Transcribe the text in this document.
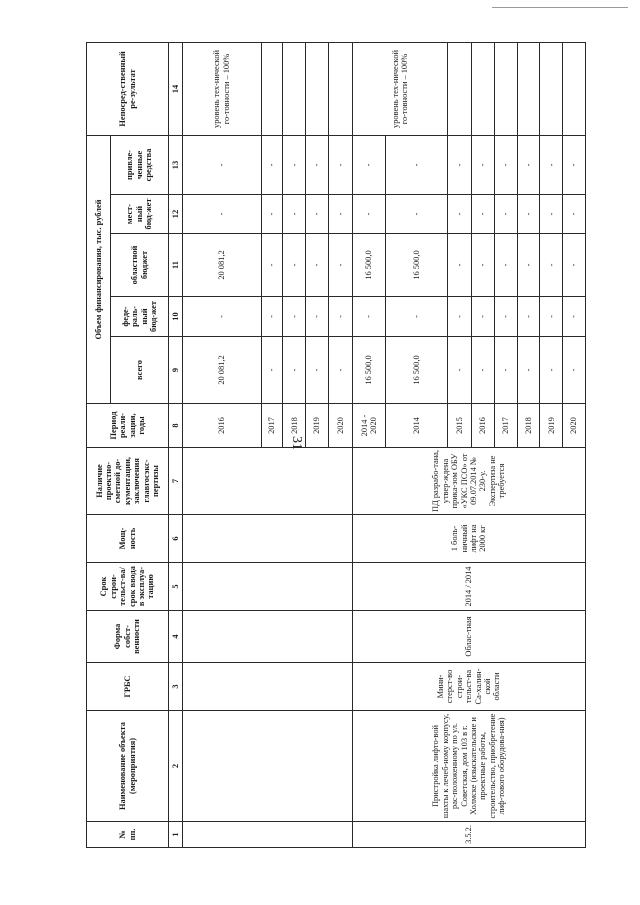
31
№ пп.	Наименование объекта (мероприятия)	ГРБС	Форма собст-венности	Срок строи-тельст-ва/срок ввода в эксплуа-тацию	Мощ-ность	Наличие проектно-сметной до-кументации, заключения главгосэкс-пертизы	Период реали-зации, годы	Объем финансирования, тыс. рублей					Непосред-ственный ре-зультат
								всего	феде-раль-ный бюд-жет	областной бюджет	мест-ный бюд-жет	привле-ченные средства	
1	2	3	4	5	6	7	8	9	10	11	12	13	14
							2016	20 081,2	-	20 081,2	-	-	уровень тех-нической го-товности – 100%
							2017	-	-	-	-	-	
							2018	-	-	-	-	-	
							2019	-	-	-	-	-	
							2020	-	-	-	-	-	
3.5.2.	Пристройка лифто-вой шахты к лечеб-ному корпусу, рас-положенному по ул. Советская, дом 103 в г. Холмске (изыскательские и проектные работы, строительство, приобретение лиф-тового оборудова-ния)	Мини-стерст-во строи-тельст-ва Са-халин-ской области	Облас-тная	2014 / 2014	1 боль-ничный лифт на 2000 кг	ПД разрабо-тана, утвер-ждена прика-зом ОБУ «УКС ПСО» от 09.07.2014 № 230-у. Экспертиза не требуется	2014 - 2020	16 500,0	-	16 500,0	-	-	уровень тех-нической го-товности – 100%
							2014	16 500,0	-	16 500,0	-	-	
							2015	-	-	-	-	-	
							2016	-	-	-	-	-	
							2017	-	-	-	-	-	
							2018	-	-	-	-	-	
							2019	-	-	-	-	-	
							2020	-	-	-	-	-	
